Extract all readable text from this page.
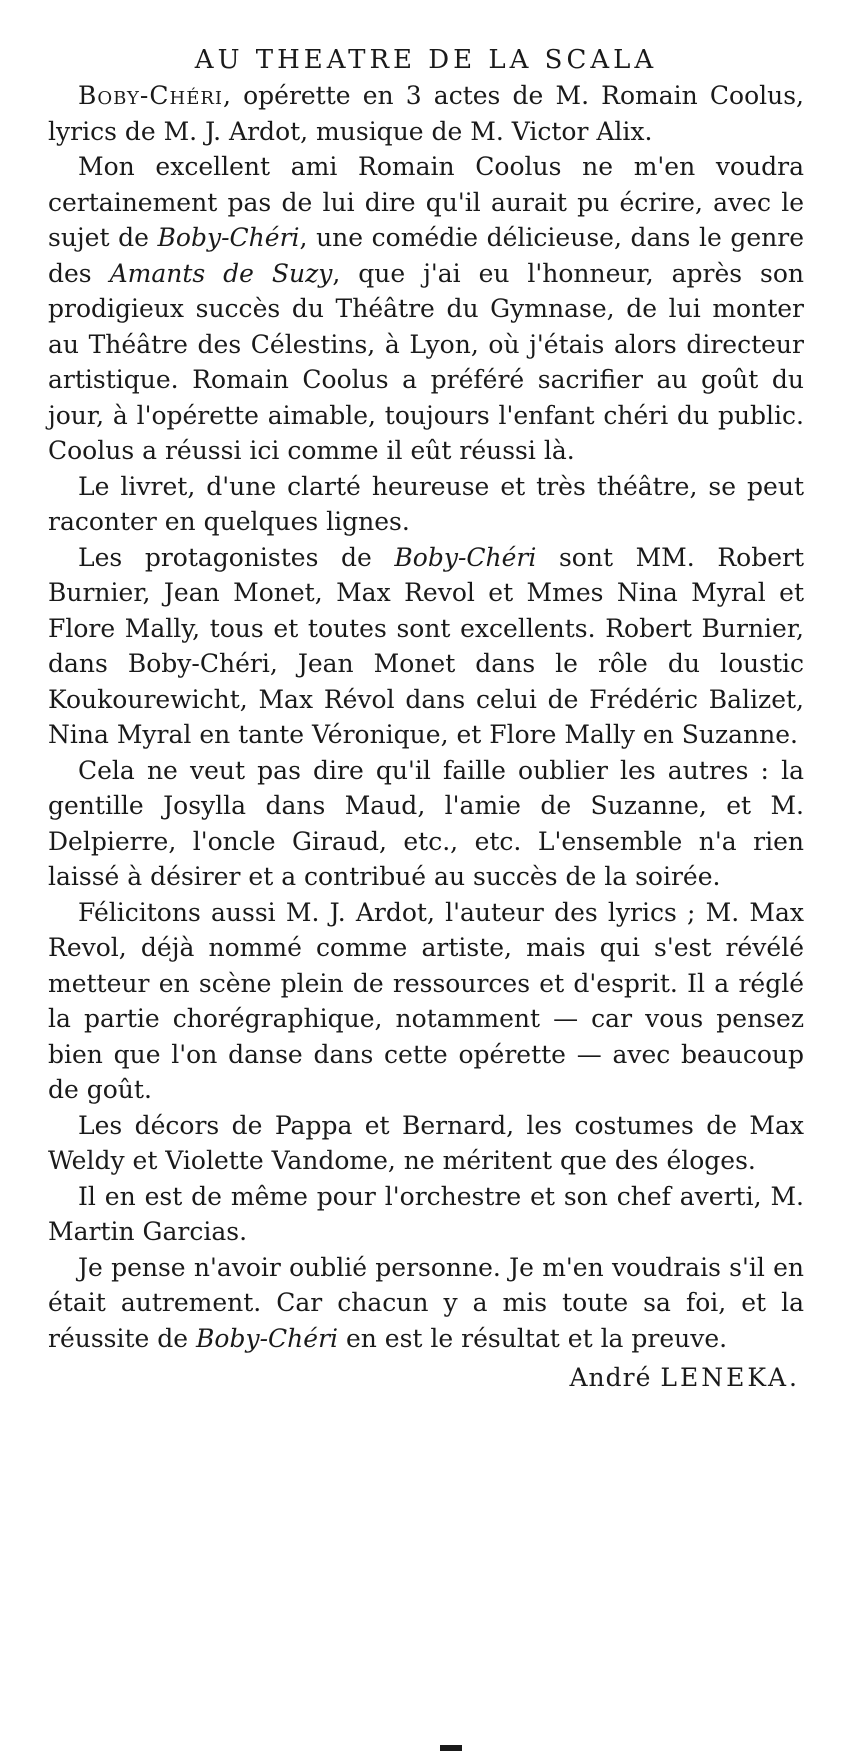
AU THEATRE DE LA SCALA

Boby-Chéri, opérette en 3 actes de M. Romain Coolus, lyrics de M. J. Ardot, musique de M. Victor Alix.

Mon excellent ami Romain Coolus ne m'en voudra certainement pas de lui dire qu'il aurait pu écrire, avec le sujet de Boby-Chéri, une comédie délicieuse, dans le genre des Amants de Suzy, que j'ai eu l'honneur, après son prodigieux succès du Théâtre du Gymnase, de lui monter au Théâtre des Célestins, à Lyon, où j'étais alors directeur artistique. Romain Coolus a préféré sacrifier au goût du jour, à l'opérette aimable, toujours l'enfant chéri du public. Coolus a réussi ici comme il eût réussi là.

Le livret, d'une clarté heureuse et très théâtre, se peut raconter en quelques lignes.

Les protagonistes de Boby-Chéri sont MM. Robert Burnier, Jean Monet, Max Revol et Mmes Nina Myral et Flore Mally, tous et toutes sont excellents. Robert Burnier, dans Boby-Chéri, Jean Monet dans le rôle du loustic Koukourewicht, Max Révol dans celui de Frédéric Balizet, Nina Myral en tante Véronique, et Flore Mally en Suzanne.

Cela ne veut pas dire qu'il faille oublier les autres : la gentille Josylla dans Maud, l'amie de Suzanne, et M. Delpierre, l'oncle Giraud, etc., etc. L'ensemble n'a rien laissé à désirer et a contribué au succès de la soirée.

Félicitons aussi M. J. Ardot, l'auteur des lyrics ; M. Max Revol, déjà nommé comme artiste, mais qui s'est révélé metteur en scène plein de ressources et d'esprit. Il a réglé la partie chorégraphique, notamment — car vous pensez bien que l'on danse dans cette opérette — avec beaucoup de goût.

Les décors de Pappa et Bernard, les costumes de Max Weldy et Violette Vandome, ne méritent que des éloges.

Il en est de même pour l'orchestre et son chef averti, M. Martin Garcias.

Je pense n'avoir oublié personne. Je m'en voudrais s'il en était autrement. Car chacun y a mis toute sa foi, et la réussite de Boby-Chéri en est le résultat et la preuve.

André LENEKA.
